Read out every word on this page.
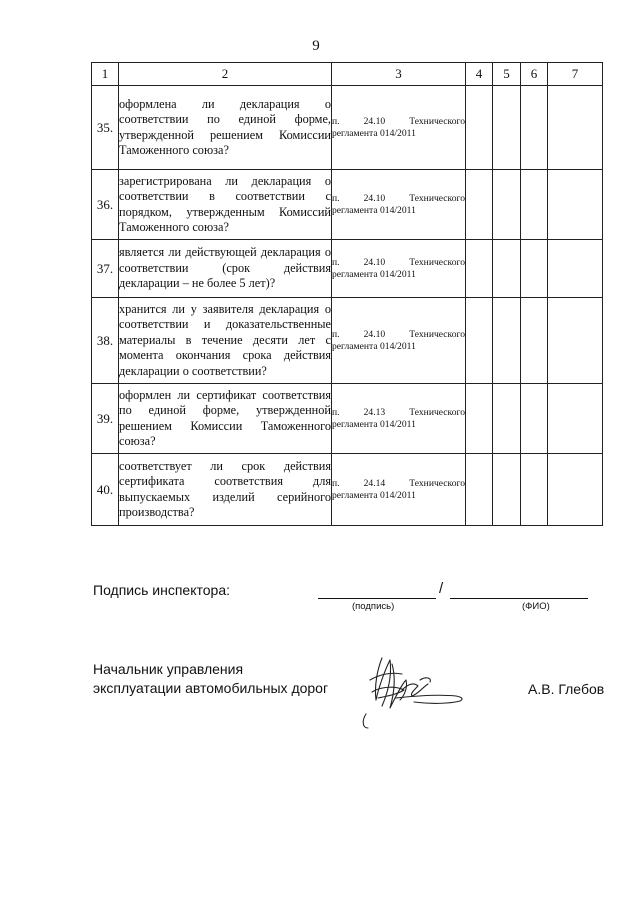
9
1	2	3	4	5	6	7
35.	оформлена ли декларация о соответствии по единой форме, утвержденной решением Комиссии Таможенного союза?	п. 24.10 Технического регламента 014/2011				

36.	зарегистрирована ли декларация о соответствии в соответствии с порядком, утвержденным Комиссий Таможенного союза?	п. 24.10 Технического регламента 014/2011				

37.	является ли действующей декларация о соответствии (срок действия декларации – не более 5 лет)?	п. 24.10 Технического регламента 014/2011				

38.	хранится ли у заявителя декларация о соответствии и доказательственные материалы в течение десяти лет с момента окончания срока действия декларации о соответствии?	п. 24.10 Технического регламента 014/2011				

39.	оформлен ли сертификат соответствия по единой форме, утвержденной решением Комиссии Таможенного союза?	п. 24.13 Технического регламента 014/2011				

40.	соответствует ли срок действия сертификата соответствия для выпускаемых изделий серийного производства?	п. 24.14 Технического регламента 014/2011				

Подпись инспектора:	/
(подпись)	(ФИО)
Начальник управления
эксплуатации автомобильных дорог	А.В. Глебов
